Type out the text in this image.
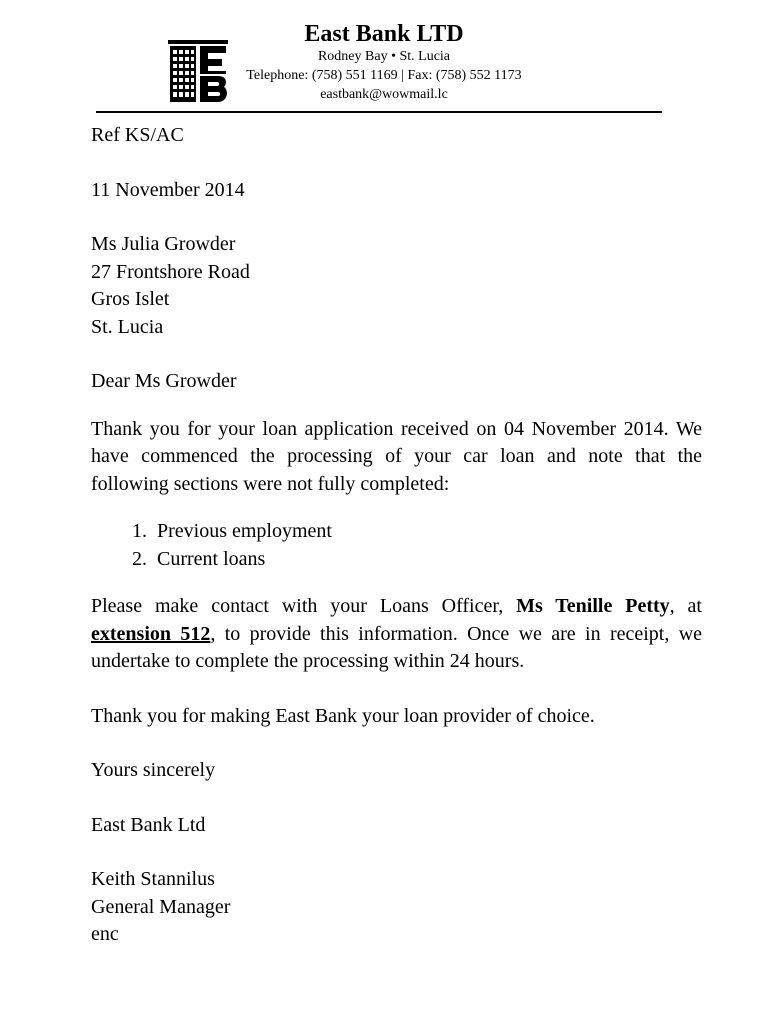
East Bank LTD
Rodney Bay • St. Lucia
Telephone: (758) 551 1169 | Fax: (758) 552 1173
eastbank@wowmail.lc

Ref KS/AC

11 November 2014

Ms Julia Growder

27 Frontshore Road

Gros Islet

St. Lucia

Dear Ms Growder

Thank you for your loan application received on 04 November 2014. We have commenced the processing of your car loan and note that the following sections were not fully completed:

1. Previous employment
2. Current loans

Please make contact with your Loans Officer, Ms Tenille Petty, at extension 512, to provide this information. Once we are in receipt, we undertake to complete the processing within 24 hours.

Thank you for making East Bank your loan provider of choice.

Yours sincerely

East Bank Ltd

Keith Stannilus

General Manager

enc
